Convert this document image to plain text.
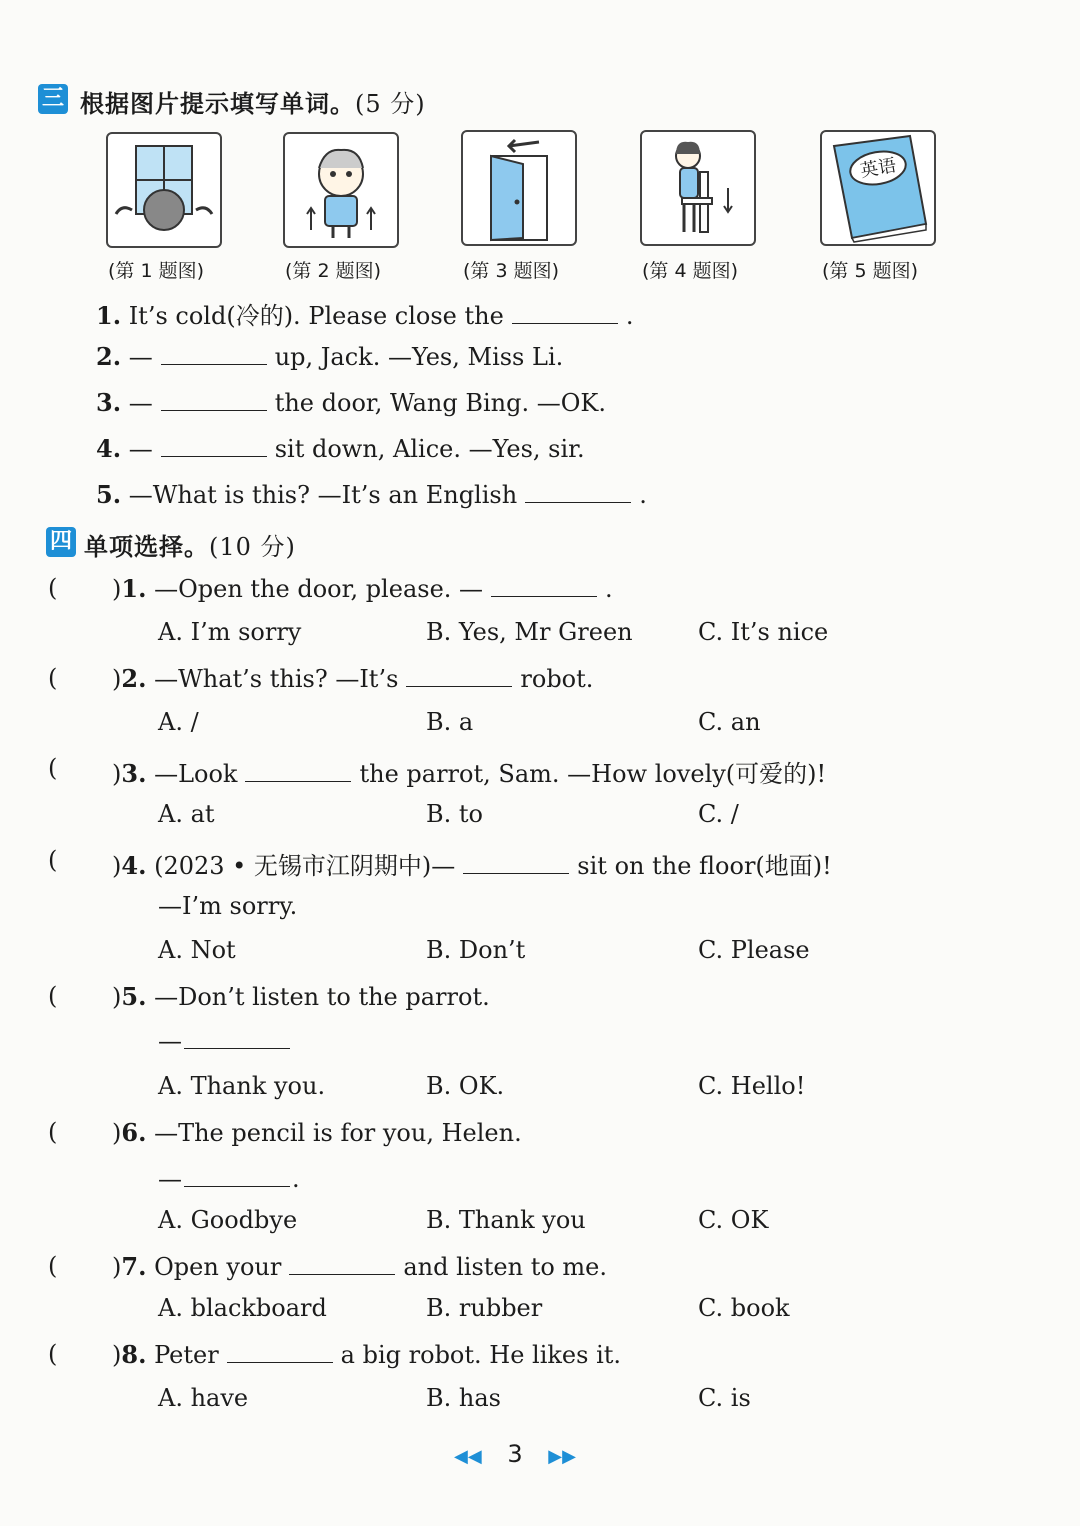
三 根据图片提示填写单词。(5 分)
英语
(第 1 题图)	(第 2 题图)	(第 3 题图)	(第 4 题图)	(第 5 题图)
1. It’s cold(冷的). Please close the	.
2. —	up, Jack. —Yes, Miss Li.
3. —	the door, Wang Bing. —OK.
4. —	sit down, Alice. —Yes, sir.
5. —What is this? —It’s an English	.
四 单项选择。(10 分)
( )1. —Open the door, please. —	.
A. I’m sorry	B. Yes, Mr Green	C. It’s nice
( )2. —What’s this? —It’s	robot.
A. /	B. a	C. an
( )3. —Look	the parrot, Sam. —How lovely(可爱的)!
A. at	B. to	C. /
( )4. (2023 • 无锡市江阴期中)—	sit on the floor(地面)!
—I’m sorry.
A. Not	B. Don’t	C. Please
( )5. —Don’t listen to the parrot.
—
A. Thank you.	B. OK.	C. Hello!
( )6. —The pencil is for you, Helen.
—	.
A. Goodbye	B. Thank you	C. OK
( )7. Open your	and listen to me.
A. blackboard	B. rubber	C. book
( )8. Peter	a big robot. He likes it.
A. have	B. has	C. is
◀◀ 3 ▶▶
